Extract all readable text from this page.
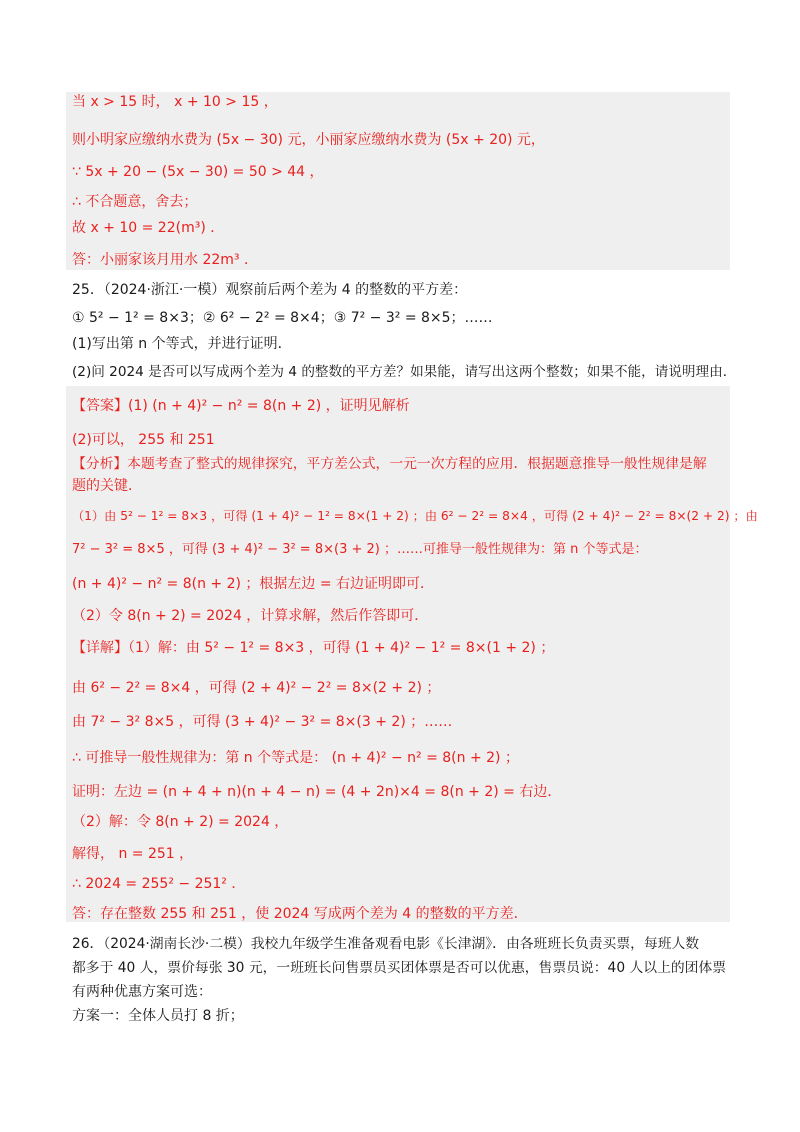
当 x > 15 时， x + 10 > 15 ，
则小明家应缴纳水费为 (5x − 30) 元，小丽家应缴纳水费为 (5x + 20) 元，
∵ 5x + 20 − (5x − 30) = 50 > 44 ，
∴ 不合题意，舍去；
故 x + 10 = 22(m³) ．
答：小丽家该月用水 22m³ ．
25．（2024·浙江·一模）观察前后两个差为 4 的整数的平方差：
① 5² − 1² = 8×3；② 6² − 2² = 8×4；③ 7² − 3² = 8×5；……
(1)写出第 n 个等式，并进行证明．
(2)问 2024 是否可以写成两个差为 4 的整数的平方差？如果能，请写出这两个整数；如果不能，请说明理由．
【答案】(1) (n + 4)² − n² = 8(n + 2) ，证明见解析
(2)可以， 255 和 251
【分析】本题考查了整式的规律探究，平方差公式，一元一次方程的应用．根据题意推导一般性规律是解
题的关键．
（1）由 5² − 1² = 8×3 ，可得 (1 + 4)² − 1² = 8×(1 + 2) ；由 6² − 2² = 8×4 ，可得 (2 + 4)² − 2² = 8×(2 + 2) ；由
7² − 3² = 8×5 ，可得 (3 + 4)² − 3² = 8×(3 + 2) ；……可推导一般性规律为：第 n 个等式是：
(n + 4)² − n² = 8(n + 2) ；根据左边 = 右边证明即可．
（2）令 8(n + 2) = 2024 ，计算求解，然后作答即可．
【详解】（1）解：由 5² − 1² = 8×3 ，可得 (1 + 4)² − 1² = 8×(1 + 2) ；
由 6² − 2² = 8×4 ，可得 (2 + 4)² − 2² = 8×(2 + 2) ；
由 7² − 3² 8×5 ，可得 (3 + 4)² − 3² = 8×(3 + 2) ；……
∴ 可推导一般性规律为：第 n 个等式是： (n + 4)² − n² = 8(n + 2) ；
证明：左边 = (n + 4 + n)(n + 4 − n) = (4 + 2n)×4 = 8(n + 2) = 右边．
（2）解：令 8(n + 2) = 2024 ，
解得， n = 251 ，
∴ 2024 = 255² − 251² ．
答：存在整数 255 和 251 ，使 2024 写成两个差为 4 的整数的平方差．
26．（2024·湖南长沙·二模）我校九年级学生准备观看电影《长津湖》．由各班班长负责买票，每班人数
都多于 40 人，票价每张 30 元，一班班长问售票员买团体票是否可以优惠，售票员说：40 人以上的团体票
有两种优惠方案可选：
方案一：全体人员打 8 折；
